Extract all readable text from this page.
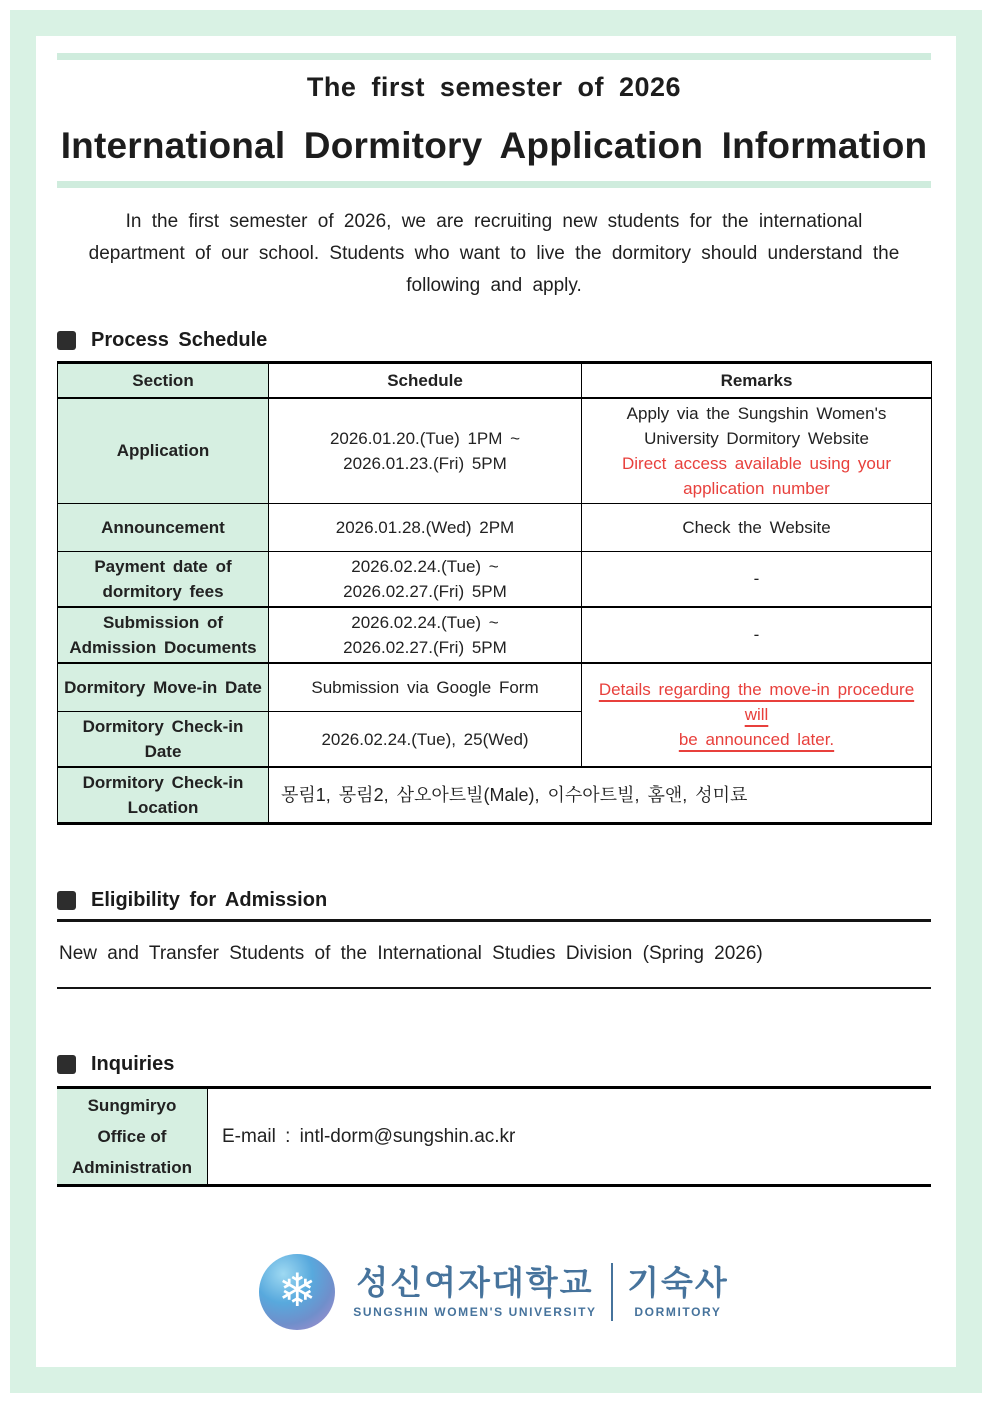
The first semester of 2026
International Dormitory Application Information
In the first semester of 2026, we are recruiting new students for the international
department of our school. Students who want to live the dormitory should understand the
following and apply.
Process Schedule
Section	Schedule	Remarks
Application	2026.01.20.(Tue) 1PM ~
2026.01.23.(Fri) 5PM	Apply via the Sungshin Women's
University Dormitory Website
Direct access available using your
application number

Announcement	2026.01.28.(Wed) 2PM	Check the Website

Payment date of
dormitory fees	2026.02.24.(Tue) ~
2026.02.27.(Fri) 5PM	-

Submission of
Admission Documents	2026.02.24.(Tue) ~
2026.02.27.(Fri) 5PM	-
Dormitory Move-in Date	Submission via Google Form	Details regarding the move-in procedure will
be announced later.

Dormitory Check-in Date	2026.02.24.(Tue), 25(Wed)	

Dormitory Check-in
Location	몽림1, 몽림2, 삼오아트빌(Male), 이수아트빌, 홈앤, 성미료	
Eligibility for Admission
New and Transfer Students of the International Studies Division (Spring 2026)
Inquiries
Sungmiryo
Office of
Administration
	E-mail : intl-dorm@sungshin.ac.kr
❄ 성신여자대학교
SUNGSHIN WOMEN'S UNIVERSITY
기숙사
DORMITORY
